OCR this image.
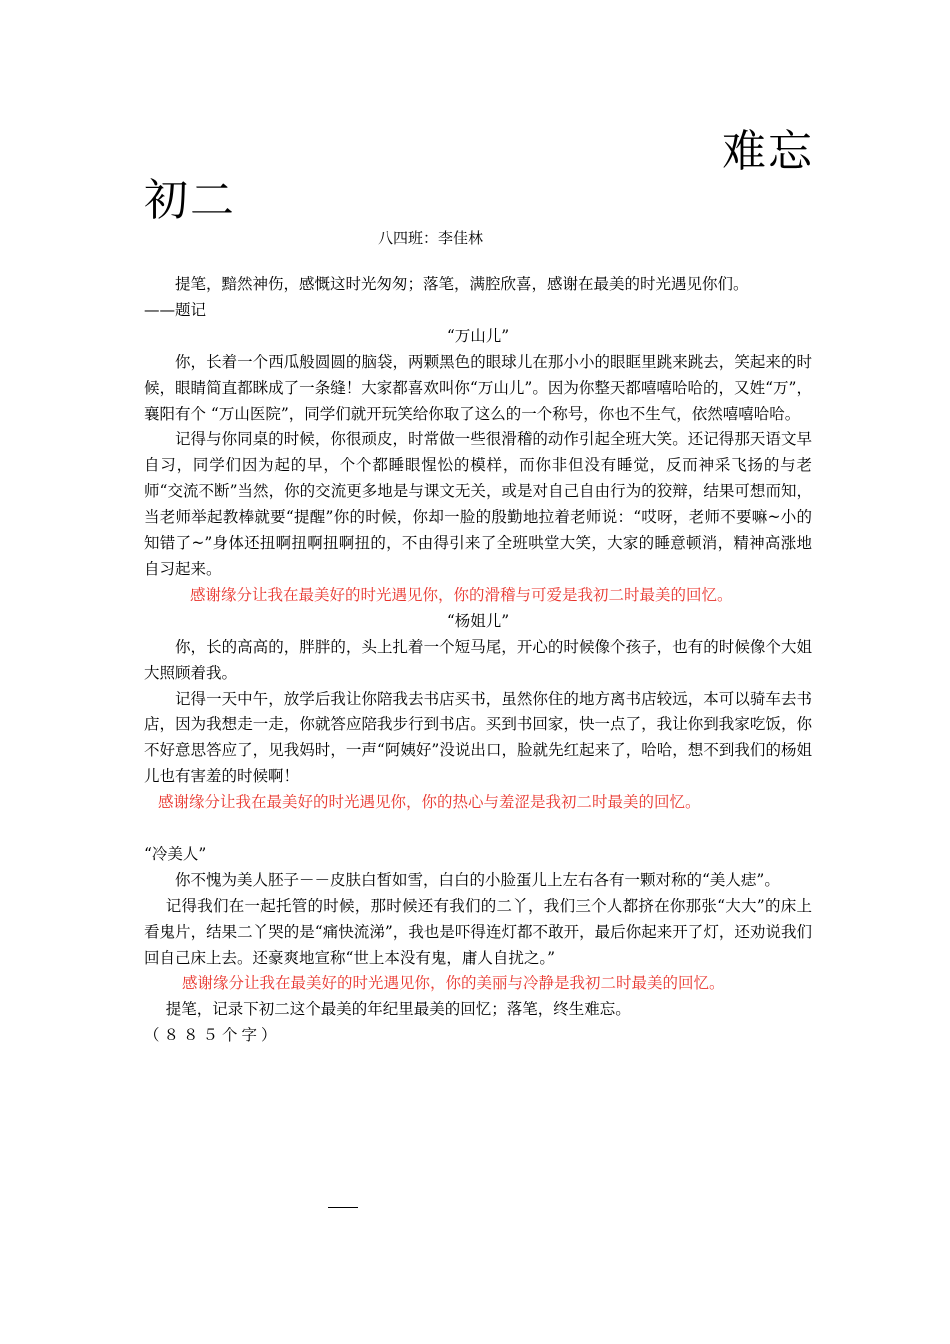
难忘
初二
八四班：李佳林

提笔，黯然神伤，感慨这时光匆匆；落笔，满腔欣喜，感谢在最美的时光遇见你们。

——题记

“万山儿”

你，长着一个西瓜般圆圆的脑袋，两颗黑色的眼球儿在那小小的眼眶里跳来跳去，笑起来的时候，眼睛简直都眯成了一条缝！大家都喜欢叫你“万山儿”。因为你整天都嘻嘻哈哈的，又姓“万”，襄阳有个 “万山医院”，同学们就开玩笑给你取了这么的一个称号，你也不生气，依然嘻嘻哈哈。

记得与你同桌的时候，你很顽皮，时常做一些很滑稽的动作引起全班大笑。还记得那天语文早自习，同学们因为起的早，个个都睡眼惺忪的模样，而你非但没有睡觉，反而神采飞扬的与老师“交流不断”当然，你的交流更多地是与课文无关，或是对自己自由行为的狡辩，结果可想而知，当老师举起教棒就要“提醒”你的时候，你却一脸的殷勤地拉着老师说：“哎呀，老师不要嘛~小的知错了~”身体还扭啊扭啊扭啊扭的，不由得引来了全班哄堂大笑，大家的睡意顿消，精神高涨地自习起来。

感谢缘分让我在最美好的时光遇见你，你的滑稽与可爱是我初二时最美的回忆。

“杨姐儿”

你，长的高高的，胖胖的，头上扎着一个短马尾，开心的时候像个孩子，也有的时候像个大姐大照顾着我。

记得一天中午，放学后我让你陪我去书店买书，虽然你住的地方离书店较远，本可以骑车去书店，因为我想走一走，你就答应陪我步行到书店。买到书回家，快一点了，我让你到我家吃饭，你不好意思答应了，见我妈时，一声“阿姨好”没说出口，脸就先红起来了，哈哈，想不到我们的杨姐儿也有害羞的时候啊！

感谢缘分让我在最美好的时光遇见你，你的热心与羞涩是我初二时最美的回忆。

“冷美人”

你不愧为美人胚子－－皮肤白皙如雪，白白的小脸蛋儿上左右各有一颗对称的“美人痣”。

记得我们在一起托管的时候，那时候还有我们的二丫，我们三个人都挤在你那张“大大”的床上看鬼片，结果二丫哭的是“痛快流涕”，我也是吓得连灯都不敢开，最后你起来开了灯，还劝说我们回自己床上去。还豪爽地宣称“世上本没有鬼，庸人自扰之。”

感谢缘分让我在最美好的时光遇见你，你的美丽与冷静是我初二时最美的回忆。

提笔，记录下初二这个最美的年纪里最美的回忆；落笔，终生难忘。

（８８５个字）
